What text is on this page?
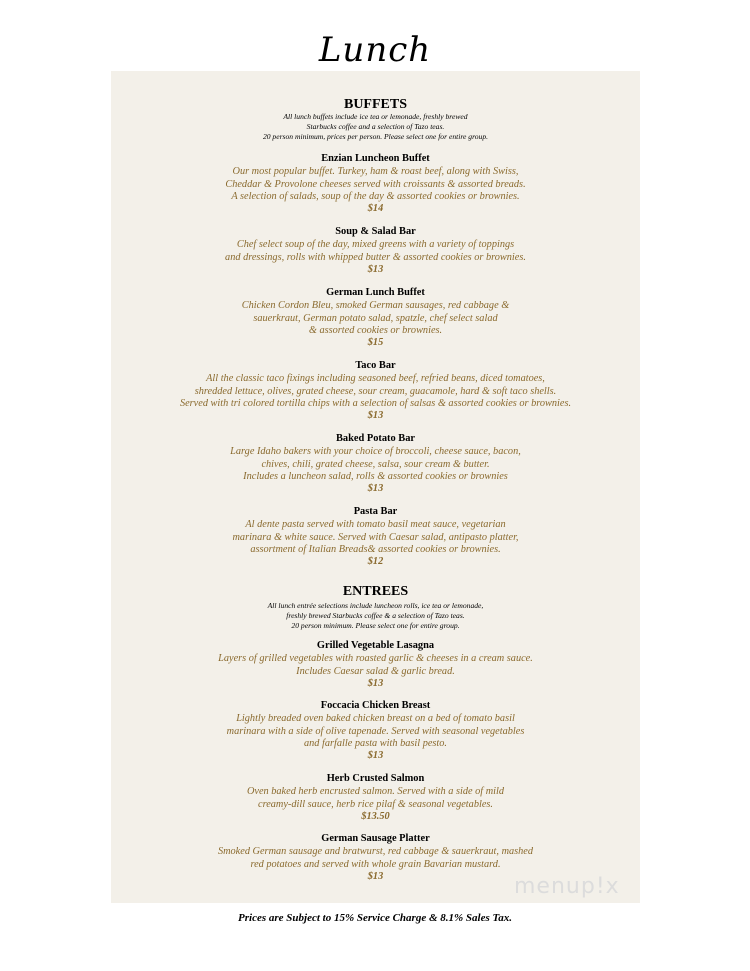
Lunch
BUFFETS
All lunch buffets include ice tea or lemonade, freshly brewed
Starbucks coffee and a selection of Tazo teas.
20 person minimum, prices per person. Please select one for entire group.
Enzian Luncheon Buffet
Our most popular buffet. Turkey, ham & roast beef, along with Swiss,
Cheddar & Provolone cheeses served with croissants & assorted breads.
A selection of salads, soup of the day & assorted cookies or brownies.
$14
Soup & Salad Bar
Chef select soup of the day, mixed greens with a variety of toppings
and dressings, rolls with whipped butter & assorted cookies or brownies.
$13
German Lunch Buffet
Chicken Cordon Bleu, smoked German sausages, red cabbage &
sauerkraut, German potato salad, spatzle, chef select salad
& assorted cookies or brownies.
$15
Taco Bar
All the classic taco fixings including seasoned beef, refried beans, diced tomatoes,
shredded lettuce, olives, grated cheese, sour cream, guacamole, hard & soft taco shells.
Served with tri colored tortilla chips with a selection of salsas & assorted cookies or brownies.
$13
Baked Potato Bar
Large Idaho bakers with your choice of broccoli, cheese sauce, bacon,
chives, chili, grated cheese, salsa, sour cream & butter.
Includes a luncheon salad, rolls & assorted cookies or brownies
$13
Pasta Bar
Al dente pasta served with tomato basil meat sauce, vegetarian
marinara & white sauce. Served with Caesar salad, antipasto platter,
assortment of Italian Breads& assorted cookies or brownies.
$12
ENTREES
All lunch entrée selections include luncheon rolls, ice tea or lemonade,
freshly brewed Starbucks coffee & a selection of Tazo teas.
20 person minimum. Please select one for entire group.
Grilled Vegetable Lasagna
Layers of grilled vegetables with roasted garlic & cheeses in a cream sauce.
Includes Caesar salad & garlic bread.
$13
Foccacia Chicken Breast
Lightly breaded oven baked chicken breast on a bed of tomato basil
marinara with a side of olive tapenade. Served with seasonal vegetables
and farfalle pasta with basil pesto.
$13
Herb Crusted Salmon
Oven baked herb encrusted salmon. Served with a side of mild
creamy-dill sauce, herb rice pilaf & seasonal vegetables.
$13.50
German Sausage Platter
Smoked German sausage and bratwurst, red cabbage & sauerkraut, mashed
red potatoes and served with whole grain Bavarian mustard.
$13	menup!x
Prices are Subject to 15% Service Charge & 8.1% Sales Tax.
